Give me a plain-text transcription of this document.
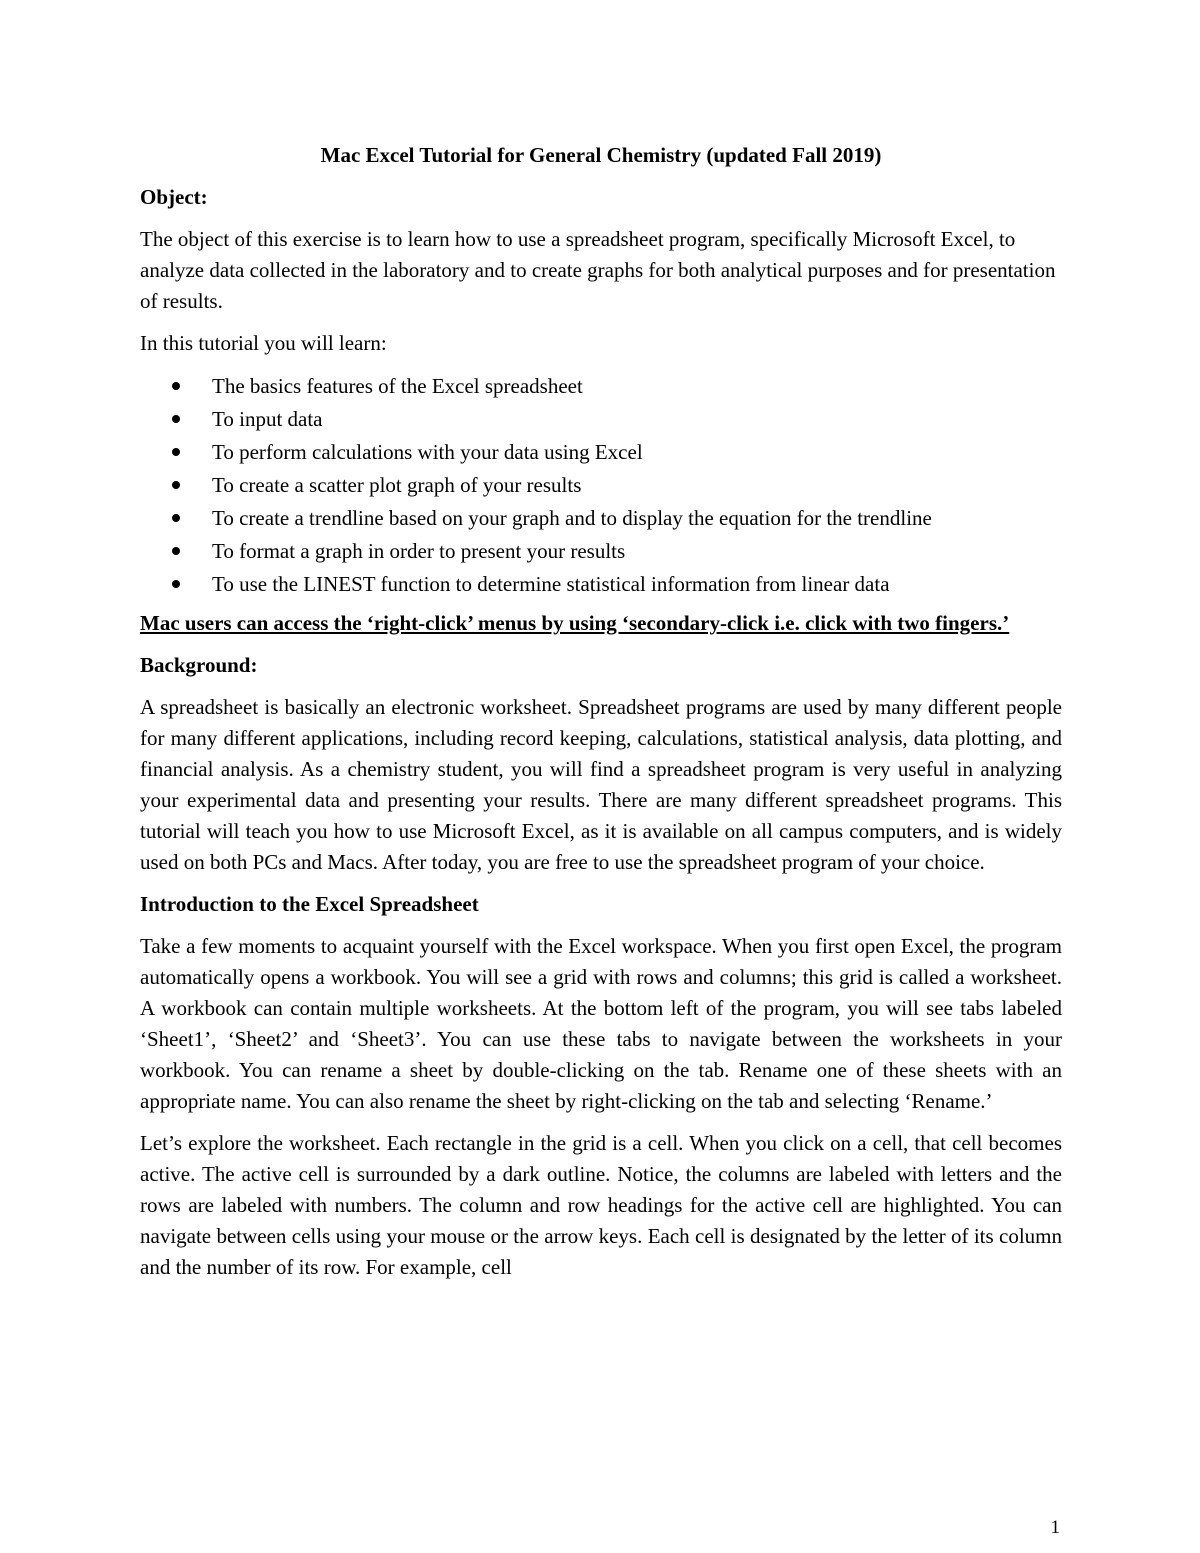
Mac Excel Tutorial for General Chemistry (updated Fall 2019)
Object:

The object of this exercise is to learn how to use a spreadsheet program, specifically Microsoft Excel, to analyze data collected in the laboratory and to create graphs for both analytical purposes and for presentation of results.

In this tutorial you will learn:

The basics features of the Excel spreadsheet
To input data
To perform calculations with your data using Excel
To create a scatter plot graph of your results
To create a trendline based on your graph and to display the equation for the trendline
To format a graph in order to present your results
To use the LINEST function to determine statistical information from linear data
Mac users can access the ‘right-click’ menus by using ‘secondary-click i.e. click with two fingers.’
Background:

A spreadsheet is basically an electronic worksheet. Spreadsheet programs are used by many different people for many different applications, including record keeping, calculations, statistical analysis, data plotting, and financial analysis. As a chemistry student, you will find a spreadsheet program is very useful in analyzing your experimental data and presenting your results. There are many different spreadsheet programs. This tutorial will teach you how to use Microsoft Excel, as it is available on all campus computers, and is widely used on both PCs and Macs. After today, you are free to use the spreadsheet program of your choice.

Introduction to the Excel Spreadsheet

Take a few moments to acquaint yourself with the Excel workspace. When you first open Excel, the program automatically opens a workbook. You will see a grid with rows and columns; this grid is called a worksheet. A workbook can contain multiple worksheets. At the bottom left of the program, you will see tabs labeled ‘Sheet1’, ‘Sheet2’ and ‘Sheet3’. You can use these tabs to navigate between the worksheets in your workbook. You can rename a sheet by double-clicking on the tab. Rename one of these sheets with an appropriate name. You can also rename the sheet by right-clicking on the tab and selecting ‘Rename.’

Let’s explore the worksheet. Each rectangle in the grid is a cell. When you click on a cell, that cell becomes active. The active cell is surrounded by a dark outline. Notice, the columns are labeled with letters and the rows are labeled with numbers. The column and row headings for the active cell are highlighted. You can navigate between cells using your mouse or the arrow keys. Each cell is designated by the letter of its column and the number of its row. For example, cell

1
